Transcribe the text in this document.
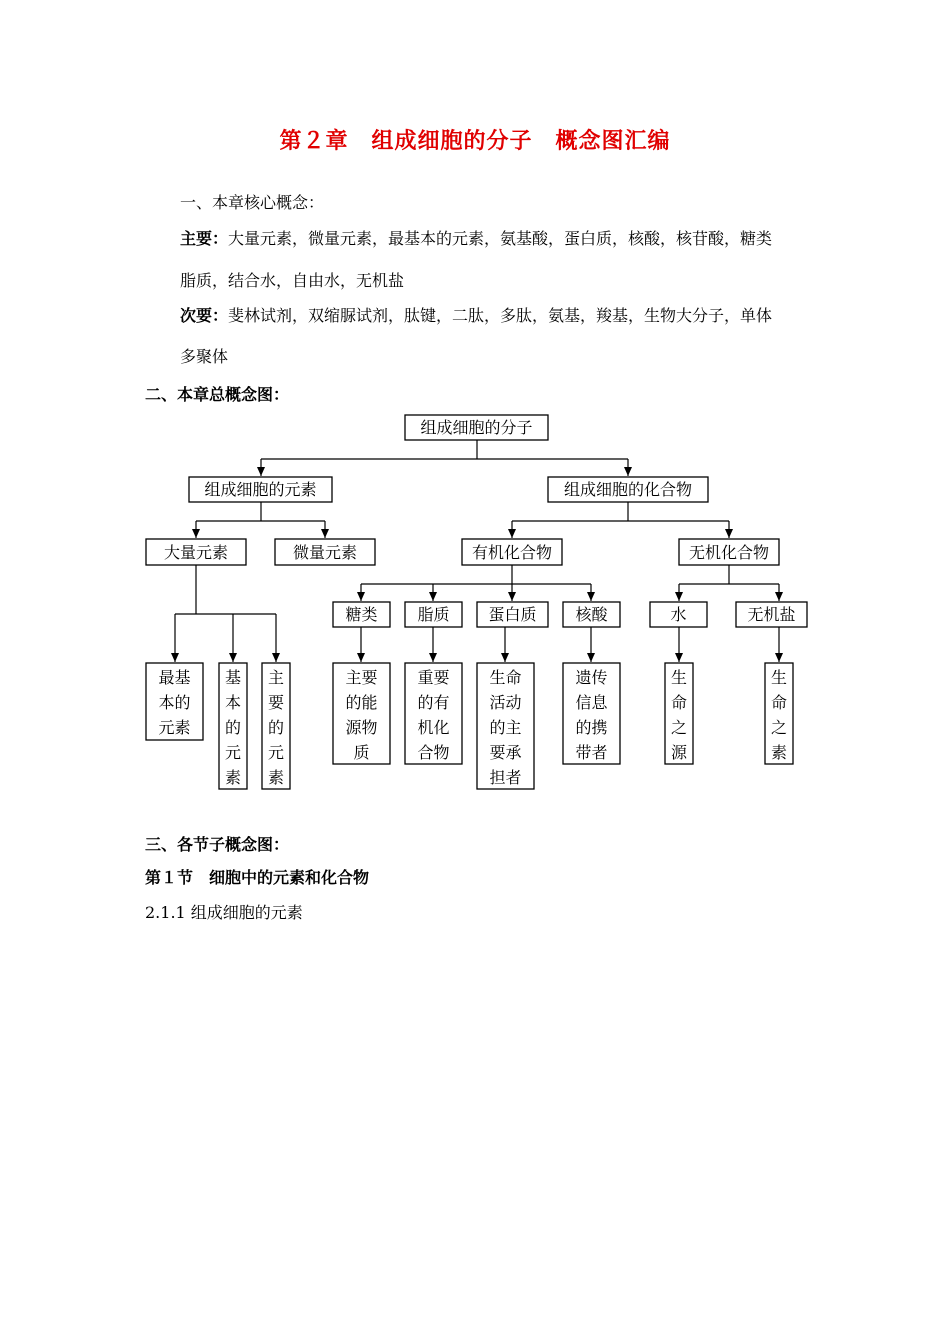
第２章　组成细胞的分子　概念图汇编
一、本章核心概念：
主要：大量元素，微量元素，最基本的元素，氨基酸，蛋白质，核酸，核苷酸，糖类
脂质，结合水，自由水，无机盐
次要：斐林试剂，双缩脲试剂，肽键，二肽，多肽，氨基，羧基，生物大分子，单体
多聚体
二、本章总概念图：
组成细胞的分子
组成细胞的元素	组成细胞的化合物
大量元素	微量元素	有机化合物	无机化合物
糖类 脂质 蛋白质 核酸	水	无机盐
最基
本的
元素
基
本
的
元
素
主
要
的
元
素
主要
的能
源物
质
重要
的有
机化
合物
生命
活动
的主
要承
担者
遗传
信息
的携
带者
生
命
之
源
生
命
之
素
三、各节子概念图：
第１节　细胞中的元素和化合物
2.1.1 组成细胞的元素
